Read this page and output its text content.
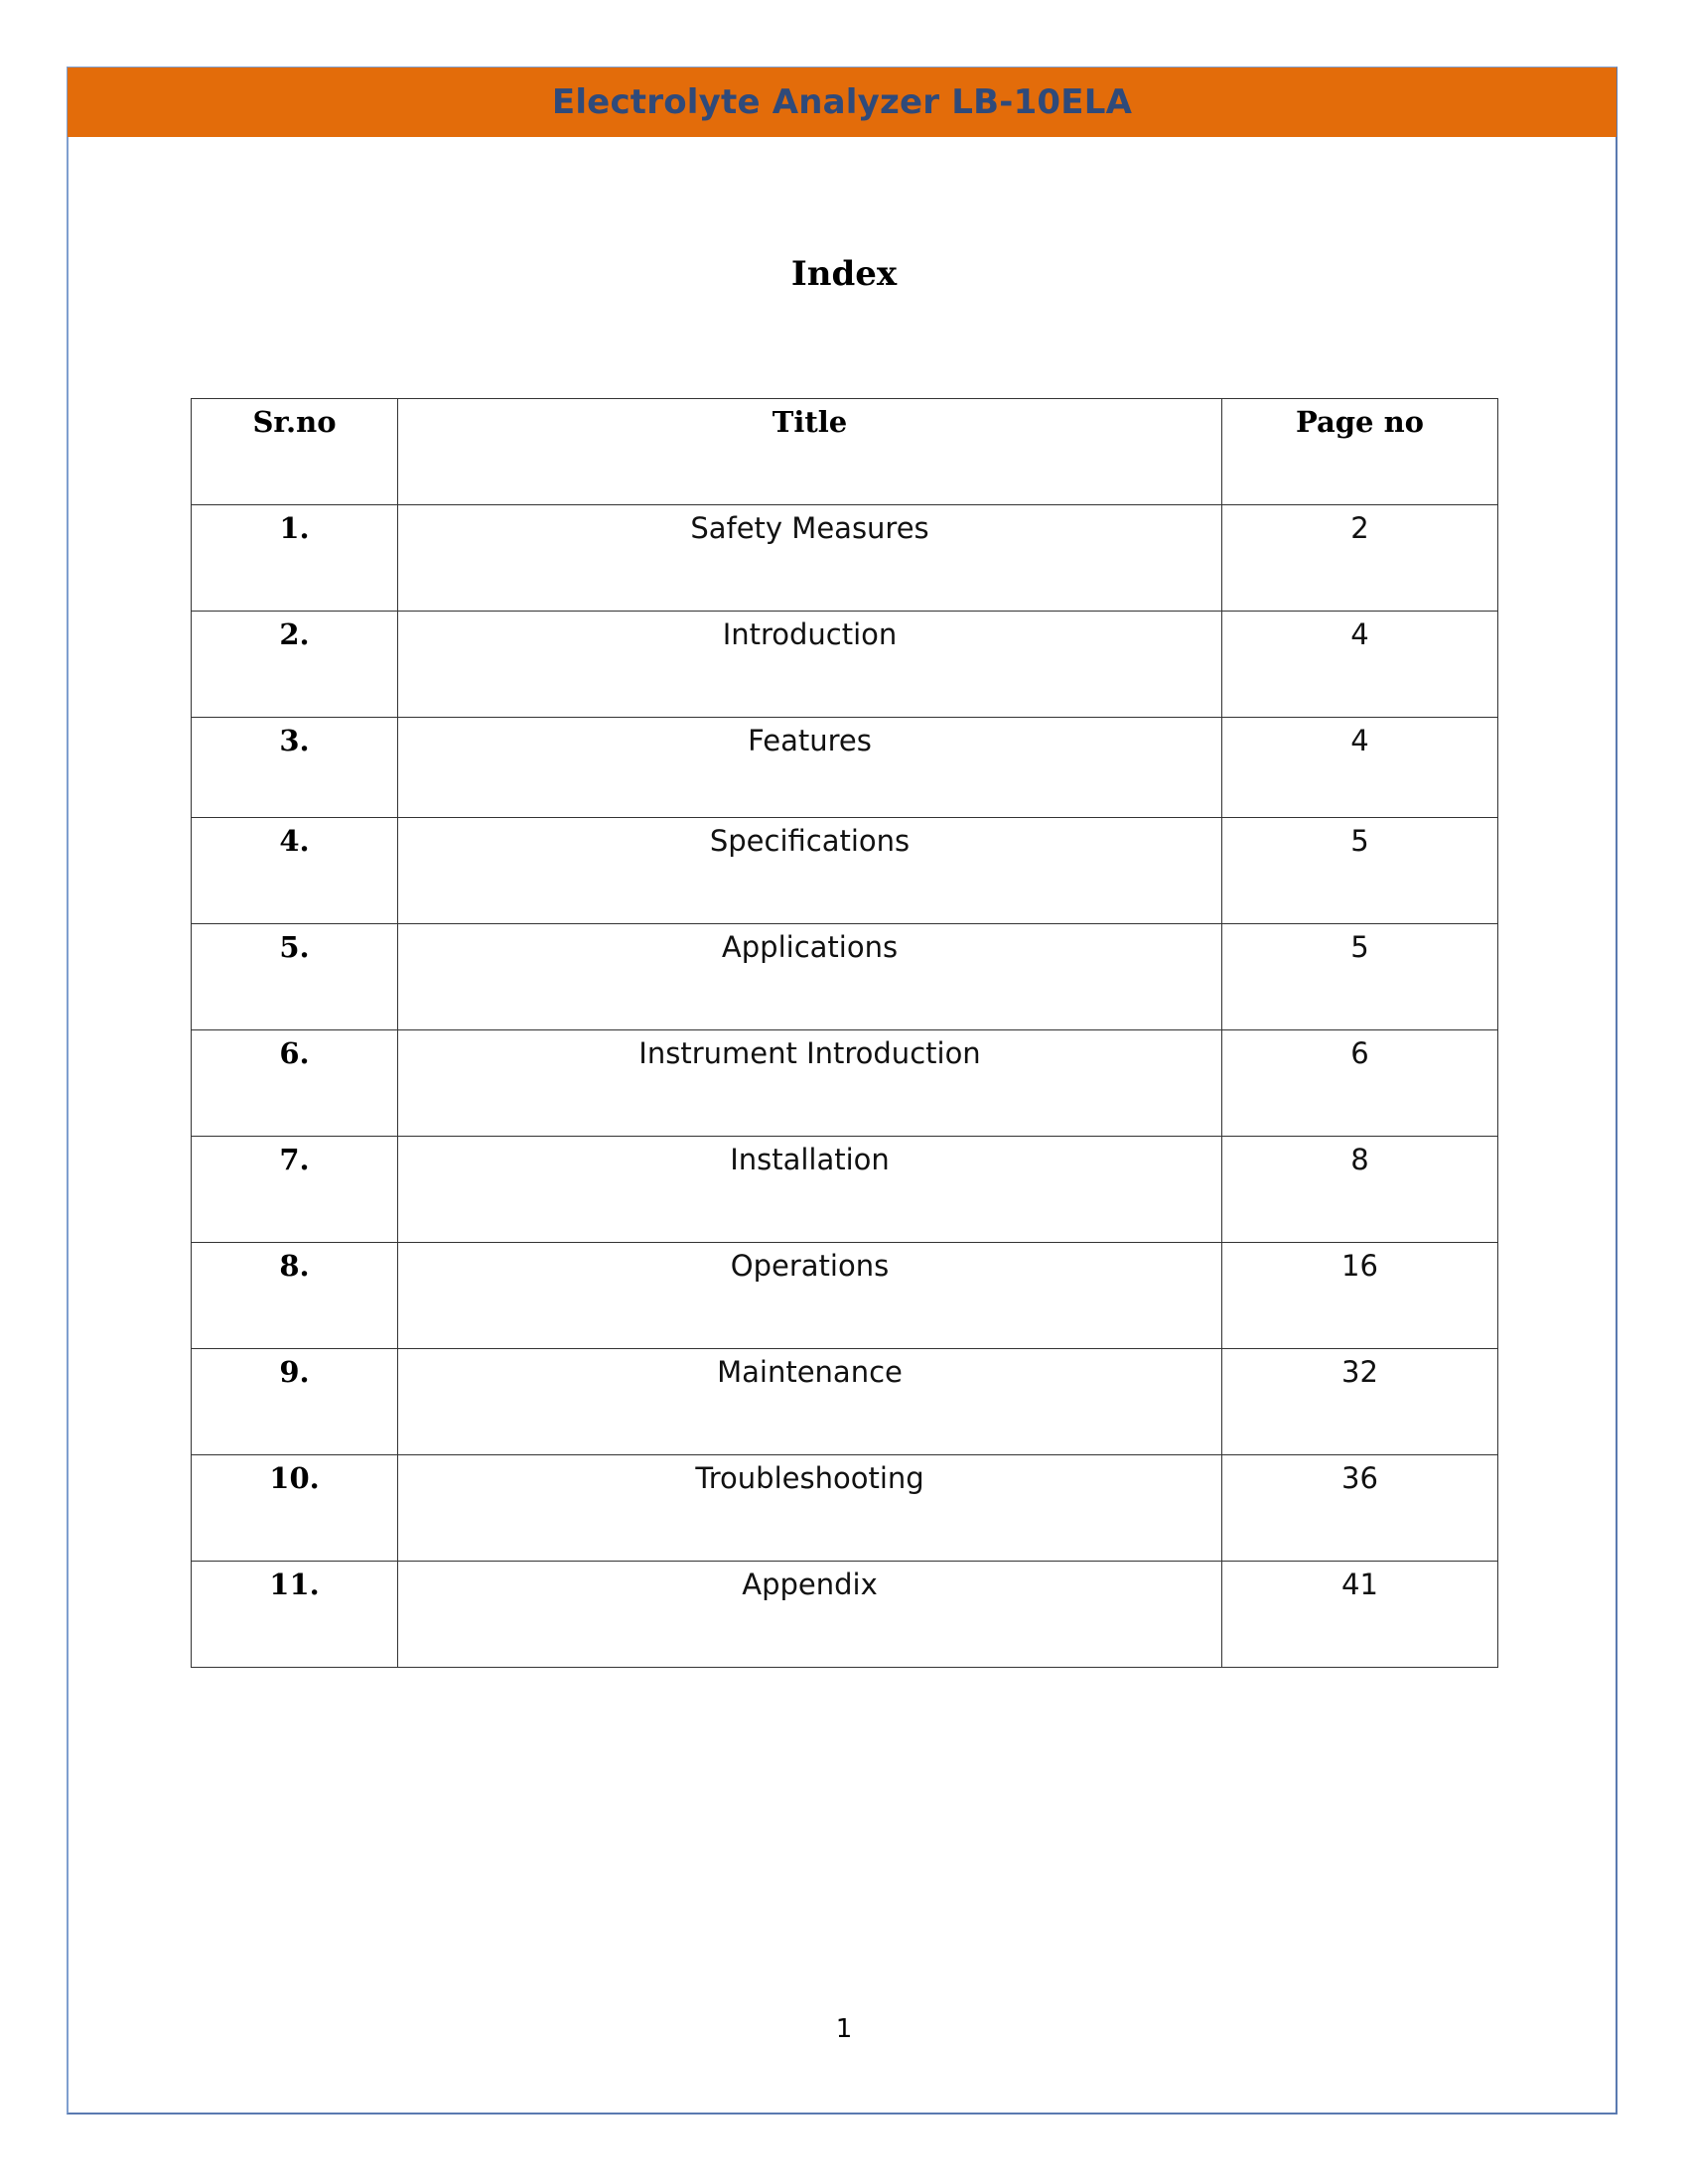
Electrolyte Analyzer LB-10ELA
Index
Sr.no	Title	Page no
1.	Safety Measures	2
2.	Introduction	4
3.	Features	4
4.	Specifications	5
5.	Applications	5
6.	Instrument Introduction	6
7.	Installation	8
8.	Operations	16
9.	Maintenance	32
10.	Troubleshooting	36
11.	Appendix	41
1
